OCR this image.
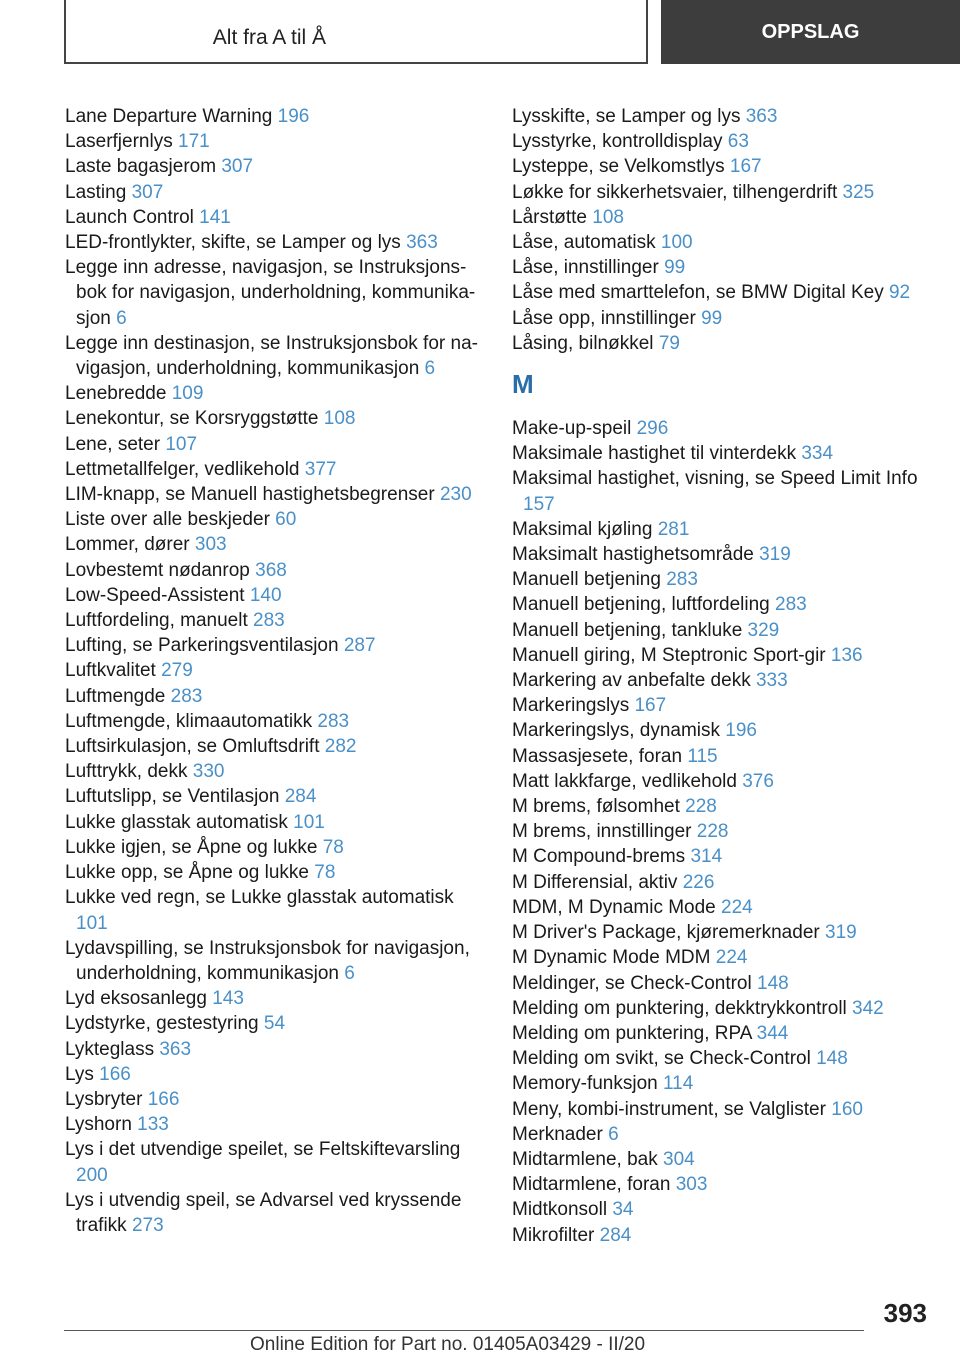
Alt fra A til Å	OPPSLAG
Lane Departure Warning 196
Laserfjernlys 171
Laste bagasjerom 307
Lasting 307
Launch Control 141
LED-frontlykter, skifte, se Lamper og lys 363
Legge inn adresse, navigasjon, se Instruksjonsbok for navigasjon, underholdning, kommunikasjon 6
Legge inn destinasjon, se Instruksjonsbok for navigasjon, underholdning, kommunikasjon 6
Lenebredde 109
Lenekontur, se Korsryggstøtte 108
Lene, seter 107
Lettmetallfelger, vedlikehold 377
LIM-knapp, se Manuell hastighetsbegrenser 230
Liste over alle beskjeder 60
Lommer, dører 303
Lovbestemt nødanrop 368
Low-Speed-Assistent 140
Luftfordeling, manuelt 283
Lufting, se Parkeringsventilasjon 287
Luftkvalitet 279
Luftmengde 283
Luftmengde, klimaautomatikk 283
Luftsirkulasjon, se Omluftsdrift 282
Lufttrykk, dekk 330
Luftutslipp, se Ventilasjon 284
Lukke glasstak automatisk 101
Lukke igjen, se Åpne og lukke 78
Lukke opp, se Åpne og lukke 78
Lukke ved regn, se Lukke glasstak automatisk 101
Lydavspilling, se Instruksjonsbok for navigasjon, underholdning, kommunikasjon 6
Lyd eksosanlegg 143
Lydstyrke, gestestyring 54
Lykteglass 363
Lys 166
Lysbryter 166
Lyshorn 133
Lys i det utvendige speilet, se Feltskiftevarsling 200
Lys i utvendig speil, se Advarsel ved kryssende trafikk 273
Lysskifte, se Lamper og lys 363
Lysstyrke, kontrolldisplay 63
Lysteppe, se Velkomstlys 167
Løkke for sikkerhetsvaier, tilhengerdrift 325
Lårstøtte 108
Låse, automatisk 100
Låse, innstillinger 99
Låse med smarttelefon, se BMW Digital Key 92
Låse opp, innstillinger 99
Låsing, bilnøkkel 79
M
Make-up-speil 296
Maksimale hastighet til vinterdekk 334
Maksimal hastighet, visning, se Speed Limit Info 157
Maksimal kjøling 281
Maksimalt hastighetsområde 319
Manuell betjening 283
Manuell betjening, luftfordeling 283
Manuell betjening, tankluke 329
Manuell giring, M Steptronic Sport-gir 136
Markering av anbefalte dekk 333
Markeringslys 167
Markeringslys, dynamisk 196
Massasjesete, foran 115
Matt lakkfarge, vedlikehold 376
M brems, følsomhet 228
M brems, innstillinger 228
M Compound-brems 314
M Differensial, aktiv 226
MDM, M Dynamic Mode 224
M Driver's Package, kjøremerknader 319
M Dynamic Mode MDM 224
Meldinger, se Check-Control 148
Melding om punktering, dekktrykkontroll 342
Melding om punktering, RPA 344
Melding om svikt, se Check-Control 148
Memory-funksjon 114
Meny, kombi-instrument, se Valglister 160
Merknader 6
Midtarmlene, bak 304
Midtarmlene, foran 303
Midtkonsoll 34
Mikrofilter 284
393
Online Edition for Part no. 01405A03429 - II/20
